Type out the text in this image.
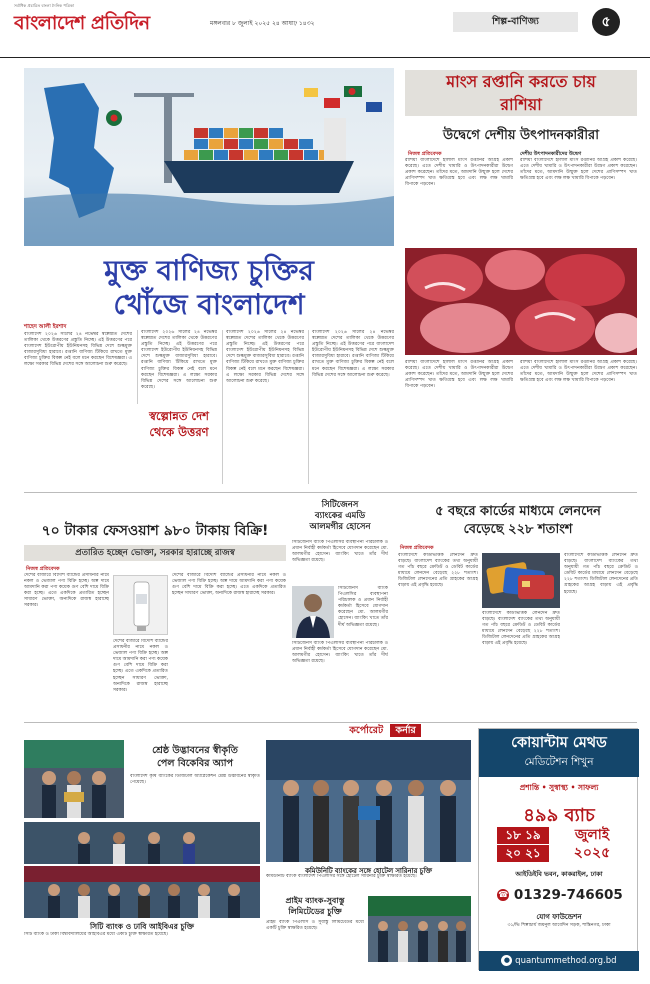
সর্বাধিক প্রচারিত বাংলা দৈনিক পত্রিকা
বাংলাদেশ প্রতিদিন	মঙ্গলবার ৮ জুলাই ২০২৫ ২৪ আষাঢ় ১৪৩২	শিল্প-বাণিজ্য	৫
মুক্ত বাণিজ্য চুক্তির
খোঁজে বাংলাদেশ
শাহেদ আলী ইরশাদ
বাংলাদেশ ২০২৬ সালের ২৪ নভেম্বর স্বল্পোন্নত দেশের তালিকা থেকে উত্তরণের প্রস্তুতি নিচ্ছে। এই উত্তরণের পরে বাংলাদেশ ইউরোপীয় ইউনিয়নসহ বিভিন্ন দেশে শুল্কমুক্ত বাজারসুবিধা হারাবে। রপ্তানি বাণিজ্য টিকিয়ে রাখতে মুক্ত বাণিজ্য চুক্তির বিকল্প নেই বলে মনে করছেন বিশেষজ্ঞরা। এ লক্ষ্যে সরকার বিভিন্ন দেশের সঙ্গে আলোচনা শুরু করেছে।
বাংলাদেশ ২০২৬ সালের ২৪ নভেম্বর স্বল্পোন্নত দেশের তালিকা থেকে উত্তরণের প্রস্তুতি নিচ্ছে। এই উত্তরণের পরে বাংলাদেশ ইউরোপীয় ইউনিয়নসহ বিভিন্ন দেশে শুল্কমুক্ত বাজারসুবিধা হারাবে। রপ্তানি বাণিজ্য টিকিয়ে রাখতে মুক্ত বাণিজ্য চুক্তির বিকল্প নেই বলে মনে করছেন বিশেষজ্ঞরা। এ লক্ষ্যে সরকার বিভিন্ন দেশের সঙ্গে আলোচনা শুরু করেছে।
স্বল্পোন্নত দেশ
থেকে উত্তরণ
বাংলাদেশ ২০২৬ সালের ২৪ নভেম্বর স্বল্পোন্নত দেশের তালিকা থেকে উত্তরণের প্রস্তুতি নিচ্ছে। এই উত্তরণের পরে বাংলাদেশ ইউরোপীয় ইউনিয়নসহ বিভিন্ন দেশে শুল্কমুক্ত বাজারসুবিধা হারাবে। রপ্তানি বাণিজ্য টিকিয়ে রাখতে মুক্ত বাণিজ্য চুক্তির বিকল্প নেই বলে মনে করছেন বিশেষজ্ঞরা। এ লক্ষ্যে সরকার বিভিন্ন দেশের সঙ্গে আলোচনা শুরু করেছে।
বাংলাদেশ ২০২৬ সালের ২৪ নভেম্বর স্বল্পোন্নত দেশের তালিকা থেকে উত্তরণের প্রস্তুতি নিচ্ছে। এই উত্তরণের পরে বাংলাদেশ ইউরোপীয় ইউনিয়নসহ বিভিন্ন দেশে শুল্কমুক্ত বাজারসুবিধা হারাবে। রপ্তানি বাণিজ্য টিকিয়ে রাখতে মুক্ত বাণিজ্য চুক্তির বিকল্প নেই বলে মনে করছেন বিশেষজ্ঞরা। এ লক্ষ্যে সরকার বিভিন্ন দেশের সঙ্গে আলোচনা শুরু করেছে।
মাংস রপ্তানি করতে চায় রাশিয়া
উদ্বেগে দেশীয় উৎপাদনকারীরা
নিজস্ব প্রতিবেদক
রাশিয়া বাংলাদেশে হালাল মাংস রপ্তানির আগ্রহ প্রকাশ করেছে। এতে দেশীয় খামারি ও উৎপাদনকারীরা উদ্বেগ প্রকাশ করেছেন। তাঁদের মতে, আমদানি উন্মুক্ত হলে দেশের প্রাণিসম্পদ খাত ক্ষতিগ্রস্ত হবে এবং লক্ষ লক্ষ খামারি বিপাকে পড়বেন।
দেশীয় উৎপাদনকারীদের উদ্বেগ
রাশিয়া বাংলাদেশে হালাল মাংস রপ্তানির আগ্রহ প্রকাশ করেছে। এতে দেশীয় খামারি ও উৎপাদনকারীরা উদ্বেগ প্রকাশ করেছেন। তাঁদের মতে, আমদানি উন্মুক্ত হলে দেশের প্রাণিসম্পদ খাত ক্ষতিগ্রস্ত হবে এবং লক্ষ লক্ষ খামারি বিপাকে পড়বেন।
রাশিয়া বাংলাদেশে হালাল মাংস রপ্তানির আগ্রহ প্রকাশ করেছে। এতে দেশীয় খামারি ও উৎপাদনকারীরা উদ্বেগ প্রকাশ করেছেন। তাঁদের মতে, আমদানি উন্মুক্ত হলে দেশের প্রাণিসম্পদ খাত ক্ষতিগ্রস্ত হবে এবং লক্ষ লক্ষ খামারি বিপাকে পড়বেন।
রাশিয়া বাংলাদেশে হালাল মাংস রপ্তানির আগ্রহ প্রকাশ করেছে। এতে দেশীয় খামারি ও উৎপাদনকারীরা উদ্বেগ প্রকাশ করেছেন। তাঁদের মতে, আমদানি উন্মুক্ত হলে দেশের প্রাণিসম্পদ খাত ক্ষতিগ্রস্ত হবে এবং লক্ষ লক্ষ খামারি বিপাকে পড়বেন।
৭০ টাকার ফেসওয়াশ ৯৮০ টাকায় বিক্রি!
প্রতারিত হচ্ছেন ভোক্তা, সরকার হারাচ্ছে রাজস্ব
নিজস্ব প্রতিবেদক
দেশের বাজারে বিদেশি ব্যান্ডের প্রসাধনীর নামে নকল ও ভেজাল পণ্য বিক্রি হচ্ছে। অল্প দামে আমদানি করা পণ্য কয়েক গুণ বেশি দামে বিক্রি করা হচ্ছে। এতে একদিকে প্রতারিত হচ্ছেন সাধারণ ভোক্তা, অন্যদিকে রাজস্ব হারাচ্ছে সরকার।
দেশের বাজারে বিদেশি ব্যান্ডের প্রসাধনীর নামে নকল ও ভেজাল পণ্য বিক্রি হচ্ছে। অল্প দামে আমদানি করা পণ্য কয়েক গুণ বেশি দামে বিক্রি করা হচ্ছে। এতে একদিকে প্রতারিত হচ্ছেন সাধারণ ভোক্তা, অন্যদিকে রাজস্ব হারাচ্ছে সরকার।
দেশের বাজারে বিদেশি ব্যান্ডের প্রসাধনীর নামে নকল ও ভেজাল পণ্য বিক্রি হচ্ছে। অল্প দামে আমদানি করা পণ্য কয়েক গুণ বেশি দামে বিক্রি করা হচ্ছে। এতে একদিকে প্রতারিত হচ্ছেন সাধারণ ভোক্তা, অন্যদিকে রাজস্ব হারাচ্ছে সরকার।
সিটিজেনস
ব্যাংকের এমডি
আলমগীর হোসেন
সিটিজেনস ব্যাংক পিএলসির ব্যবস্থাপনা পরিচালক ও প্রধান নির্বাহী কর্মকর্তা হিসেবে যোগদান করেছেন মো. আলমগীর হোসেন। ব্যাংকিং খাতে তাঁর দীর্ঘ অভিজ্ঞতা রয়েছে।
সিটিজেনস ব্যাংক পিএলসির ব্যবস্থাপনা পরিচালক ও প্রধান নির্বাহী কর্মকর্তা হিসেবে যোগদান করেছেন মো. আলমগীর হোসেন। ব্যাংকিং খাতে তাঁর দীর্ঘ অভিজ্ঞতা রয়েছে।
সিটিজেনস ব্যাংক পিএলসির ব্যবস্থাপনা পরিচালক ও প্রধান নির্বাহী কর্মকর্তা হিসেবে যোগদান করেছেন মো. আলমগীর হোসেন। ব্যাংকিং খাতে তাঁর দীর্ঘ অভিজ্ঞতা রয়েছে।
৫ বছরে কার্ডের মাধ্যমে লেনদেন
বেড়েছে ২২৮ শতাংশ
নিজস্ব প্রতিবেদক
বাংলাদেশে কার্ডভিত্তিক লেনদেন দ্রুত বাড়ছে। বাংলাদেশ ব্যাংকের তথ্য অনুযায়ী গত পাঁচ বছরে ক্রেডিট ও ডেবিট কার্ডের মাধ্যমে লেনদেন বেড়েছে ২২৮ শতাংশ। ডিজিটাল লেনদেনের প্রতি গ্রাহকের আগ্রহ বাড়ায় এই প্রবৃদ্ধি হয়েছে।
বাংলাদেশে কার্ডভিত্তিক লেনদেন দ্রুত বাড়ছে। বাংলাদেশ ব্যাংকের তথ্য অনুযায়ী গত পাঁচ বছরে ক্রেডিট ও ডেবিট কার্ডের মাধ্যমে লেনদেন বেড়েছে ২২৮ শতাংশ। ডিজিটাল লেনদেনের প্রতি গ্রাহকের আগ্রহ বাড়ায় এই প্রবৃদ্ধি হয়েছে।
বাংলাদেশে কার্ডভিত্তিক লেনদেন দ্রুত বাড়ছে। বাংলাদেশ ব্যাংকের তথ্য অনুযায়ী গত পাঁচ বছরে ক্রেডিট ও ডেবিট কার্ডের মাধ্যমে লেনদেন বেড়েছে ২২৮ শতাংশ। ডিজিটাল লেনদেনের প্রতি গ্রাহকের আগ্রহ বাড়ায় এই প্রবৃদ্ধি হয়েছে।
কর্পোরেট কর্নার
শ্রেষ্ঠ উদ্ভাবনের স্বীকৃতি
পেল বিকেবির অ্যাপ
বাংলাদেশ কৃষি ব্যাংকের ডিজিটাল অ্যাপ্লিকেশন শ্রেষ্ঠ উদ্ভাবনের স্বীকৃতি পেয়েছে।
কমিউনিটি ব্যাংকের সঙ্গে হোটেল সারিনার চুক্তি
কমিউনিটি ব্যাংক বাংলাদেশ পিএলসির সঙ্গে হোটেল সারিনার চুক্তি স্বাক্ষরিত হয়েছে।
সিটি ব্যাংক ও ঢাবি আইবিএর চুক্তি
সিটি ব্যাংক ও ঢাকা বিশ্ববিদ্যালয়ের আইবিএর মধ্যে একটি চুক্তি স্বাক্ষরিত হয়েছে।
প্রাইম ব্যাংক-সুবাস্তু
লিমিটেডের চুক্তি
প্রাইম ব্যাংক পিএলসি ও সুবাস্তু লিমিটেডের মধ্যে একটি চুক্তি স্বাক্ষরিত হয়েছে।
কোয়ান্টাম মেথড
মেডিটেশন শিখুন
প্রশান্তি • সুস্বাস্থ্য • সাফল্য
৪৯৯ ব্যাচ
১৮ ১৯
২০ ২১
জুলাই
২০২৫
আইডিইবি ভবন, কাকরাইল, ঢাকা
☎ 01329-746605
যোগ ফাউন্ডেশন
৩১/ভি শিল্পাচার্য জয়নুল আবেদিন সড়ক, শান্তিনগর, ঢাকা
● quantummethod.org.bd
